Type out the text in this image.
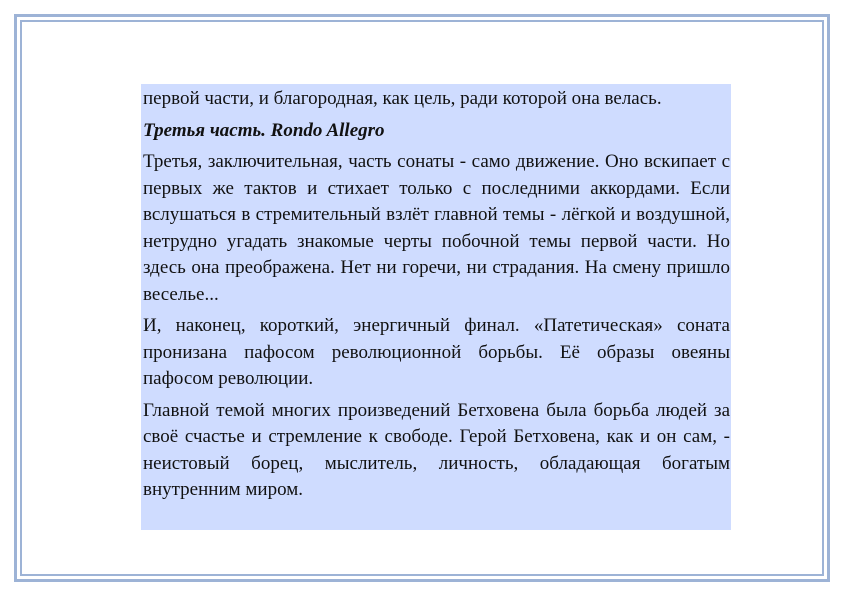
первой части, и благородная, как цель, ради которой она велась.

Третья часть. Rondo Allegro

Третья, заключительная, часть сонаты - само движение. Оно вскипает с первых же тактов и стихает только с последними аккордами. Если вслушаться в стремительный взлёт главной темы - лёгкой и воздушной, нетрудно угадать знакомые черты побочной темы первой части. Но здесь она преображена. Нет ни горечи, ни страдания. На смену пришло веселье...

И, наконец, короткий, энергичный финал. «Патетическая» соната пронизана пафосом революционной борьбы. Её образы овеяны пафосом революции.

Главной темой многих произведений Бетховена была борьба людей за своё счастье и стремление к свободе. Герой Бетховена, как и он сам, - неистовый борец, мыслитель, личность, обладающая богатым внутренним миром.
